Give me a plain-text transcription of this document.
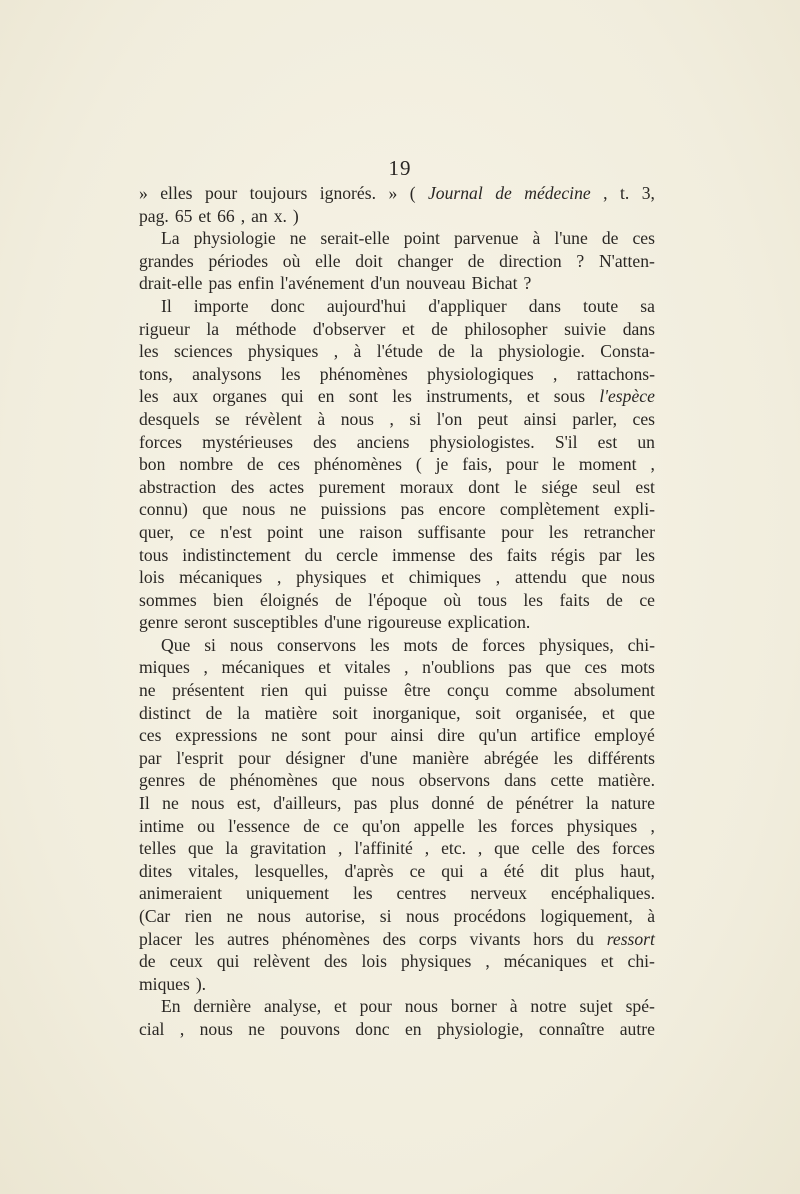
19
» elles pour toujours ignorés. » ( Journal de médecine , t. 3,
pag. 65 et 66 , an x. )
La physiologie ne serait-elle point parvenue à l'une de ces
grandes périodes où elle doit changer de direction ? N'atten-
drait-elle pas enfin l'avénement d'un nouveau Bichat ?
Il importe donc aujourd'hui d'appliquer dans toute sa
rigueur la méthode d'observer et de philosopher suivie dans
les sciences physiques , à l'étude de la physiologie. Consta-
tons, analysons les phénomènes physiologiques , rattachons-
les aux organes qui en sont les instruments, et sous l'espèce
desquels se révèlent à nous , si l'on peut ainsi parler, ces
forces mystérieuses des anciens physiologistes. S'il est un
bon nombre de ces phénomènes ( je fais, pour le moment ,
abstraction des actes purement moraux dont le siége seul est
connu) que nous ne puissions pas encore complètement expli-
quer, ce n'est point une raison suffisante pour les retrancher
tous indistinctement du cercle immense des faits régis par les
lois mécaniques , physiques et chimiques , attendu que nous
sommes bien éloignés de l'époque où tous les faits de ce
genre seront susceptibles d'une rigoureuse explication.
Que si nous conservons les mots de forces physiques, chi-
miques , mécaniques et vitales , n'oublions pas que ces mots
ne présentent rien qui puisse être conçu comme absolument
distinct de la matière soit inorganique, soit organisée, et que
ces expressions ne sont pour ainsi dire qu'un artifice employé
par l'esprit pour désigner d'une manière abrégée les différents
genres de phénomènes que nous observons dans cette matière.
Il ne nous est, d'ailleurs, pas plus donné de pénétrer la nature
intime ou l'essence de ce qu'on appelle les forces physiques ,
telles que la gravitation , l'affinité , etc. , que celle des forces
dites vitales, lesquelles, d'après ce qui a été dit plus haut,
animeraient uniquement les centres nerveux encéphaliques.
(Car rien ne nous autorise, si nous procédons logiquement, à
placer les autres phénomènes des corps vivants hors du ressort
de ceux qui relèvent des lois physiques , mécaniques et chi-
miques ).
En dernière analyse, et pour nous borner à notre sujet spé-
cial , nous ne pouvons donc en physiologie, connaître autre
